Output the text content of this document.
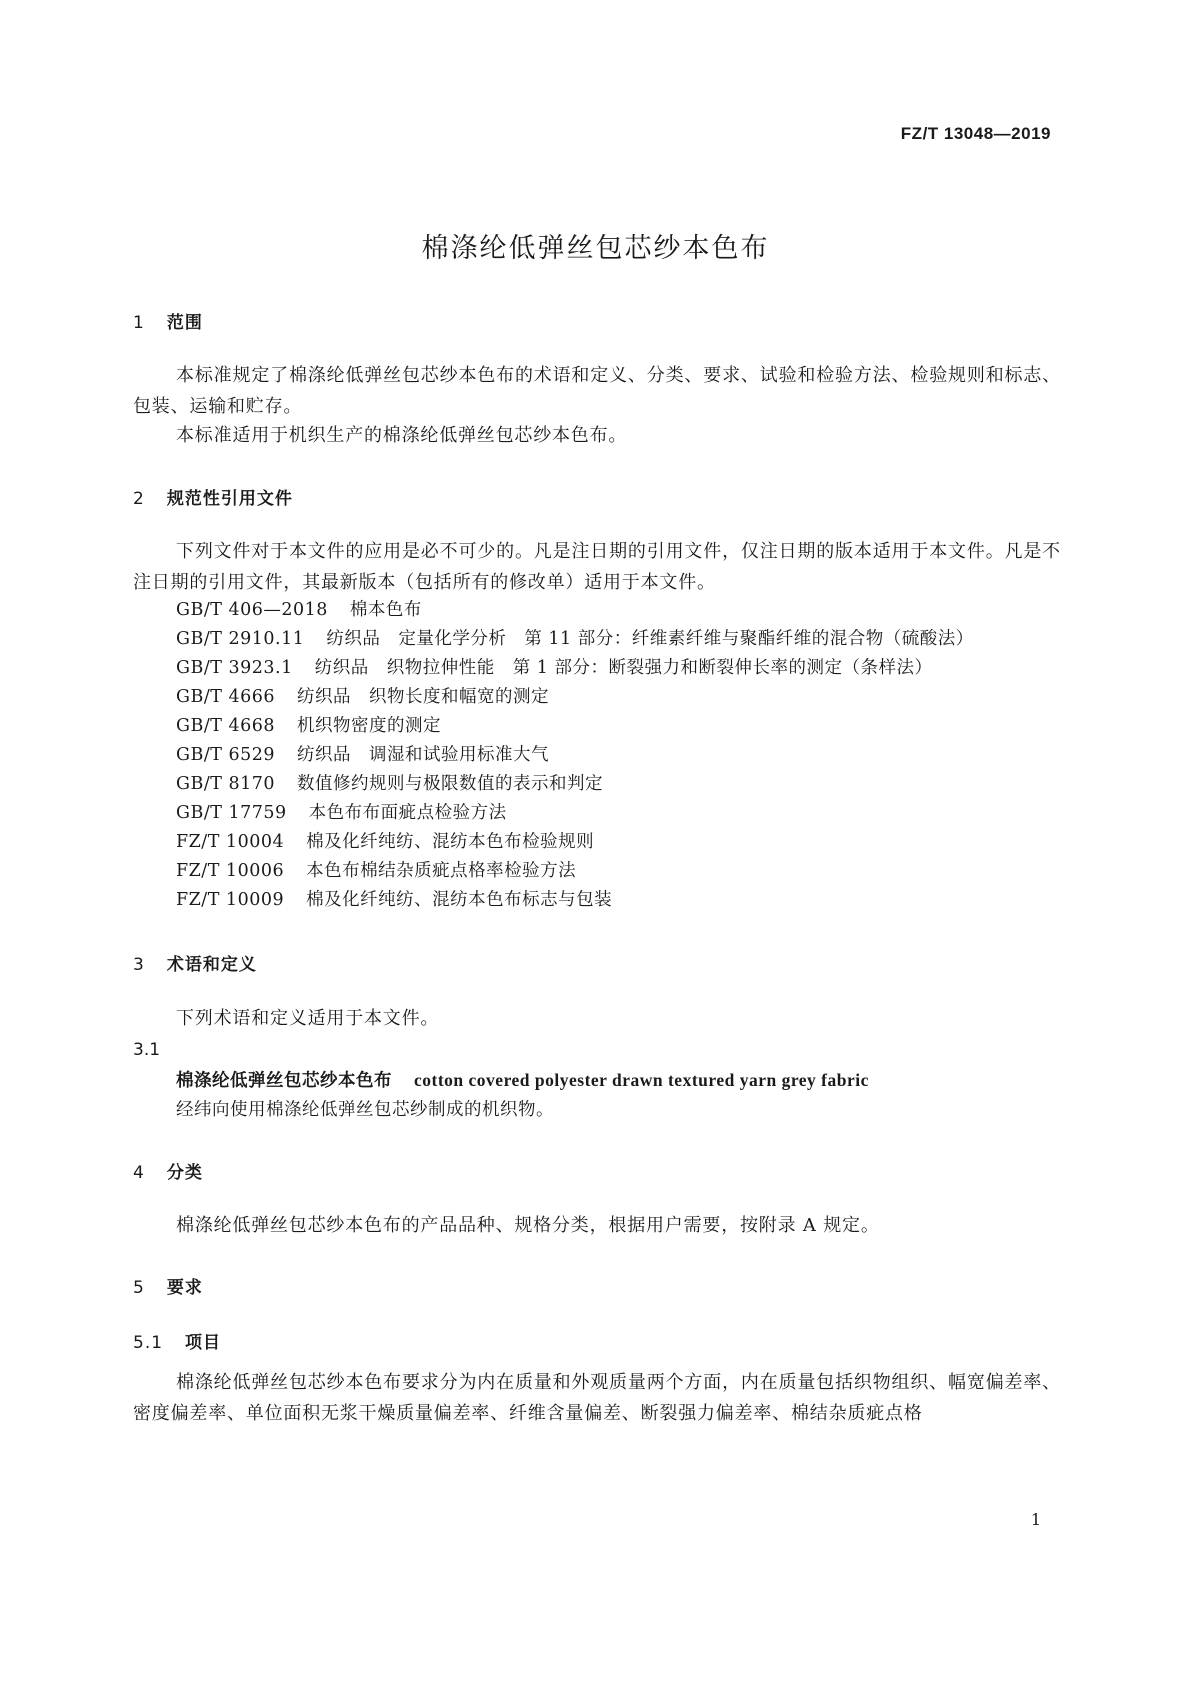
FZ/T 13048—2019
棉涤纶低弹丝包芯纱本色布
1 范围

本标准规定了棉涤纶低弹丝包芯纱本色布的术语和定义、分类、要求、试验和检验方法、检验规则和标志、包装、运输和贮存。

本标准适用于机织生产的棉涤纶低弹丝包芯纱本色布。

2 规范性引用文件

下列文件对于本文件的应用是必不可少的。凡是注日期的引用文件，仅注日期的版本适用于本文件。凡是不注日期的引用文件，其最新版本（包括所有的修改单）适用于本文件。

GB/T 406—2018 棉本色布
GB/T 2910.11 纺织品　定量化学分析　第 11 部分：纤维素纤维与聚酯纤维的混合物（硫酸法）
GB/T 3923.1 纺织品　织物拉伸性能　第 1 部分：断裂强力和断裂伸长率的测定（条样法）
GB/T 4666 纺织品　织物长度和幅宽的测定
GB/T 4668 机织物密度的测定
GB/T 6529 纺织品　调湿和试验用标准大气
GB/T 8170 数值修约规则与极限数值的表示和判定
GB/T 17759 本色布布面疵点检验方法
FZ/T 10004 棉及化纤纯纺、混纺本色布检验规则
FZ/T 10006 本色布棉结杂质疵点格率检验方法
FZ/T 10009 棉及化纤纯纺、混纺本色布标志与包装
3 术语和定义

下列术语和定义适用于本文件。

3.1
棉涤纶低弹丝包芯纱本色布 cotton covered polyester drawn textured yarn grey fabric
经纬向使用棉涤纶低弹丝包芯纱制成的机织物。
4 分类

棉涤纶低弹丝包芯纱本色布的产品品种、规格分类，根据用户需要，按附录 A 规定。

5 要求
5.1 项目

棉涤纶低弹丝包芯纱本色布要求分为内在质量和外观质量两个方面，内在质量包括织物组织、幅宽偏差率、密度偏差率、单位面积无浆干燥质量偏差率、纤维含量偏差、断裂强力偏差率、棉结杂质疵点格

1
